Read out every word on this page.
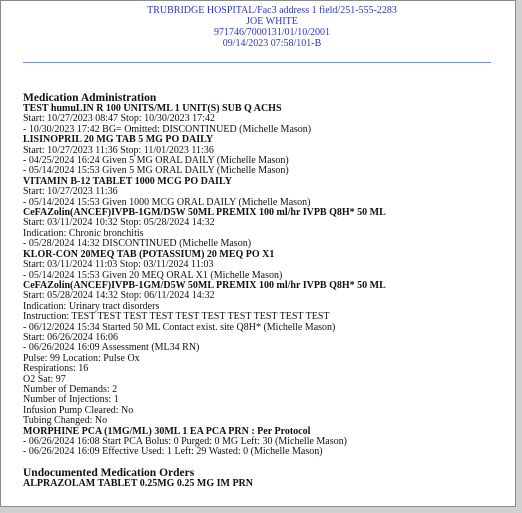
TRUBRIDGE HOSPITAL/Fac3 address 1 field/251-555-2283
JOE WHITE
971746/7000131/01/10/2001
09/14/2023 07:58/101-B
Medication Administration
TEST humuLIN R 100 UNITS/ML 1 UNIT(S) SUB Q ACHS
Start: 10/27/2023 08:47 Stop: 10/30/2023 17:42
- 10/30/2023 17:42 BG= Omitted: DISCONTINUED (Michelle Mason)
LISINOPRIL 20 MG TAB 5 MG PO DAILY
Start: 10/27/2023 11:36 Stop: 11/01/2023 11:36
- 04/25/2024 16:24 Given 5 MG ORAL DAILY (Michelle Mason)
- 05/14/2024 15:53 Given 5 MG ORAL DAILY (Michelle Mason)
VITAMIN B-12 TABLET 1000 MCG PO DAILY
Start: 10/27/2023 11:36
- 05/14/2024 15:53 Given 1000 MCG ORAL DAILY (Michelle Mason)
CeFAZolin(ANCEF)IVPB-1GM/D5W 50ML PREMIX 100 ml/hr IVPB Q8H* 50 ML
Start: 03/11/2024 10:32 Stop: 05/28/2024 14:32
Indication: Chronic bronchitis
- 05/28/2024 14:32 DISCONTINUED (Michelle Mason)
KLOR-CON 20MEQ TAB (POTASSIUM) 20 MEQ PO X1
Start: 03/11/2024 11:03 Stop: 03/11/2024 11:03
- 05/14/2024 15:53 Given 20 MEQ ORAL X1 (Michelle Mason)
CeFAZolin(ANCEF)IVPB-1GM/D5W 50ML PREMIX 100 ml/hr IVPB Q8H* 50 ML
Start: 05/28/2024 14:32 Stop: 06/11/2024 14:32
Indication: Urinary tract disorders
Instruction: TEST TEST TEST TEST TEST TEST TEST TEST TEST TEST
- 06/12/2024 15:34 Started 50 ML Contact exist. site Q8H* (Michelle Mason)
Start: 06/26/2024 16:06
- 06/26/2024 16:09 Assessment (ML34 RN)
Pulse: 99 Location: Pulse Ox
Respirations: 16
O2 Sat: 97
Number of Demands: 2
Number of Injections: 1
Infusion Pump Cleared: No
Tubing Changed: No
MORPHINE PCA (1MG/ML) 30ML 1 EA PCA PRN : Per Protocol
- 06/26/2024 16:08 Start PCA Bolus: 0 Purged: 0 MG Left: 30 (Michelle Mason)
- 06/26/2024 16:09 Effective Used: 1 Left: 29 Wasted: 0 (Michelle Mason)
Undocumented Medication Orders
ALPRAZOLAM TABLET 0.25MG 0.25 MG IM PRN
